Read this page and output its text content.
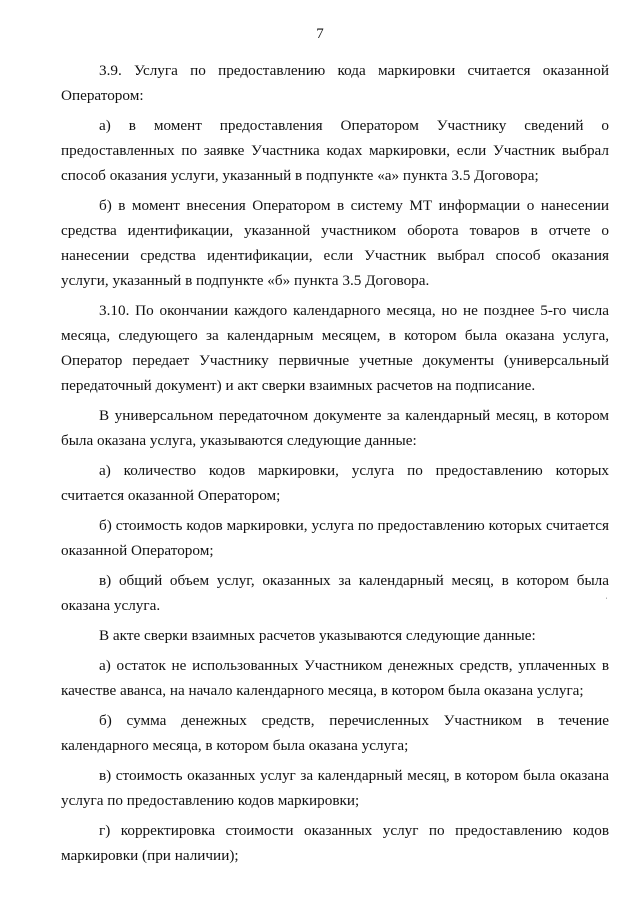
7

3.9. Услуга по предоставлению кода маркировки считается оказанной Оператором:

а) в момент предоставления Оператором Участнику сведений о предоставленных по заявке Участника кодах маркировки, если Участник выбрал способ оказания услуги, указанный в подпункте «а» пункта 3.5 Договора;

б) в момент внесения Оператором в систему МТ информации о нанесении средства идентификации, указанной участником оборота товаров в отчете о нанесении средства идентификации, если Участник выбрал способ оказания услуги, указанный в подпункте «б» пункта 3.5 Договора.

3.10. По окончании каждого календарного месяца, но не позднее 5-го числа месяца, следующего за календарным месяцем, в котором была оказана услуга, Оператор передает Участнику первичные учетные документы (универсальный передаточный документ) и акт сверки взаимных расчетов на подписание.

В универсальном передаточном документе за календарный месяц, в котором была оказана услуга, указываются следующие данные:

а) количество кодов маркировки, услуга по предоставлению которых считается оказанной Оператором;

б) стоимость кодов маркировки, услуга по предоставлению которых считается оказанной Оператором;

в) общий объем услуг, оказанных за календарный месяц, в котором была оказана услуга.

В акте сверки взаимных расчетов указываются следующие данные:

а) остаток не использованных Участником денежных средств, уплаченных в качестве аванса, на начало календарного месяца, в котором была оказана услуга;

б) сумма денежных средств, перечисленных Участником в течение календарного месяца, в котором была оказана услуга;

в) стоимость оказанных услуг за календарный месяц, в котором была оказана услуга по предоставлению кодов маркировки;

г) корректировка стоимости оказанных услуг по предоставлению кодов маркировки (при наличии);

ˈ
